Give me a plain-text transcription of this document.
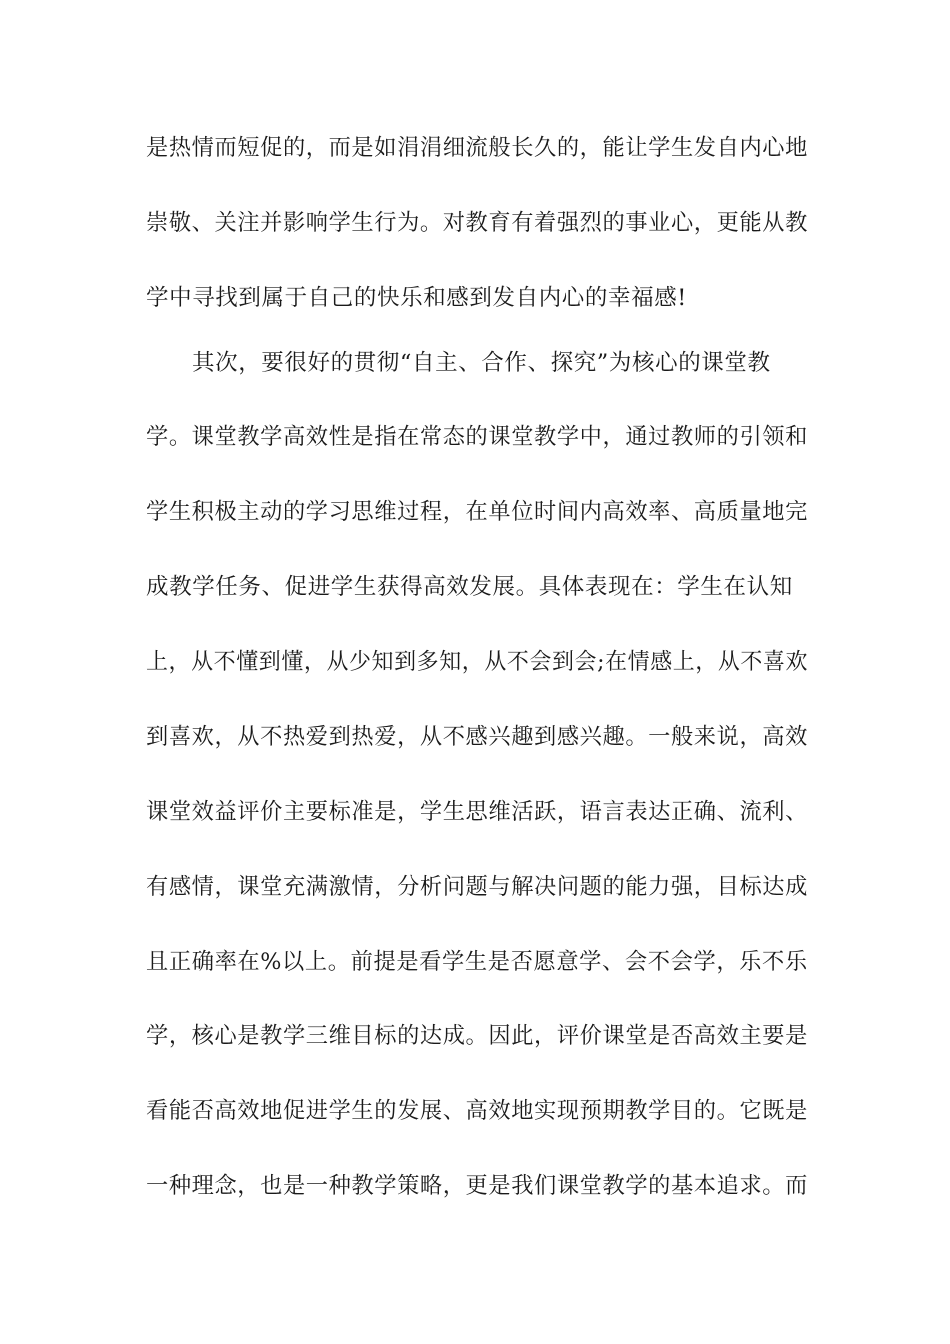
是热情而短促的，而是如涓涓细流般长久的，能让学生发自内心地
崇敬、关注并影响学生行为。对教育有着强烈的事业心，更能从教
学中寻找到属于自己的快乐和感到发自内心的幸福感!
其次，要很好的贯彻“自主、合作、探究”为核心的课堂教
学。课堂教学高效性是指在常态的课堂教学中，通过教师的引领和
学生积极主动的学习思维过程，在单位时间内高效率、高质量地完
成教学任务、促进学生获得高效发展。具体表现在：学生在认知
上，从不懂到懂，从少知到多知，从不会到会;在情感上，从不喜欢
到喜欢，从不热爱到热爱，从不感兴趣到感兴趣。一般来说，高效
课堂效益评价主要标准是，学生思维活跃，语言表达正确、流利、
有感情，课堂充满激情，分析问题与解决问题的能力强，目标达成
且正确率在%以上。前提是看学生是否愿意学、会不会学，乐不乐
学，核心是教学三维目标的达成。因此，评价课堂是否高效主要是
看能否高效地促进学生的发展、高效地实现预期教学目的。它既是
一种理念，也是一种教学策略，更是我们课堂教学的基本追求。而
